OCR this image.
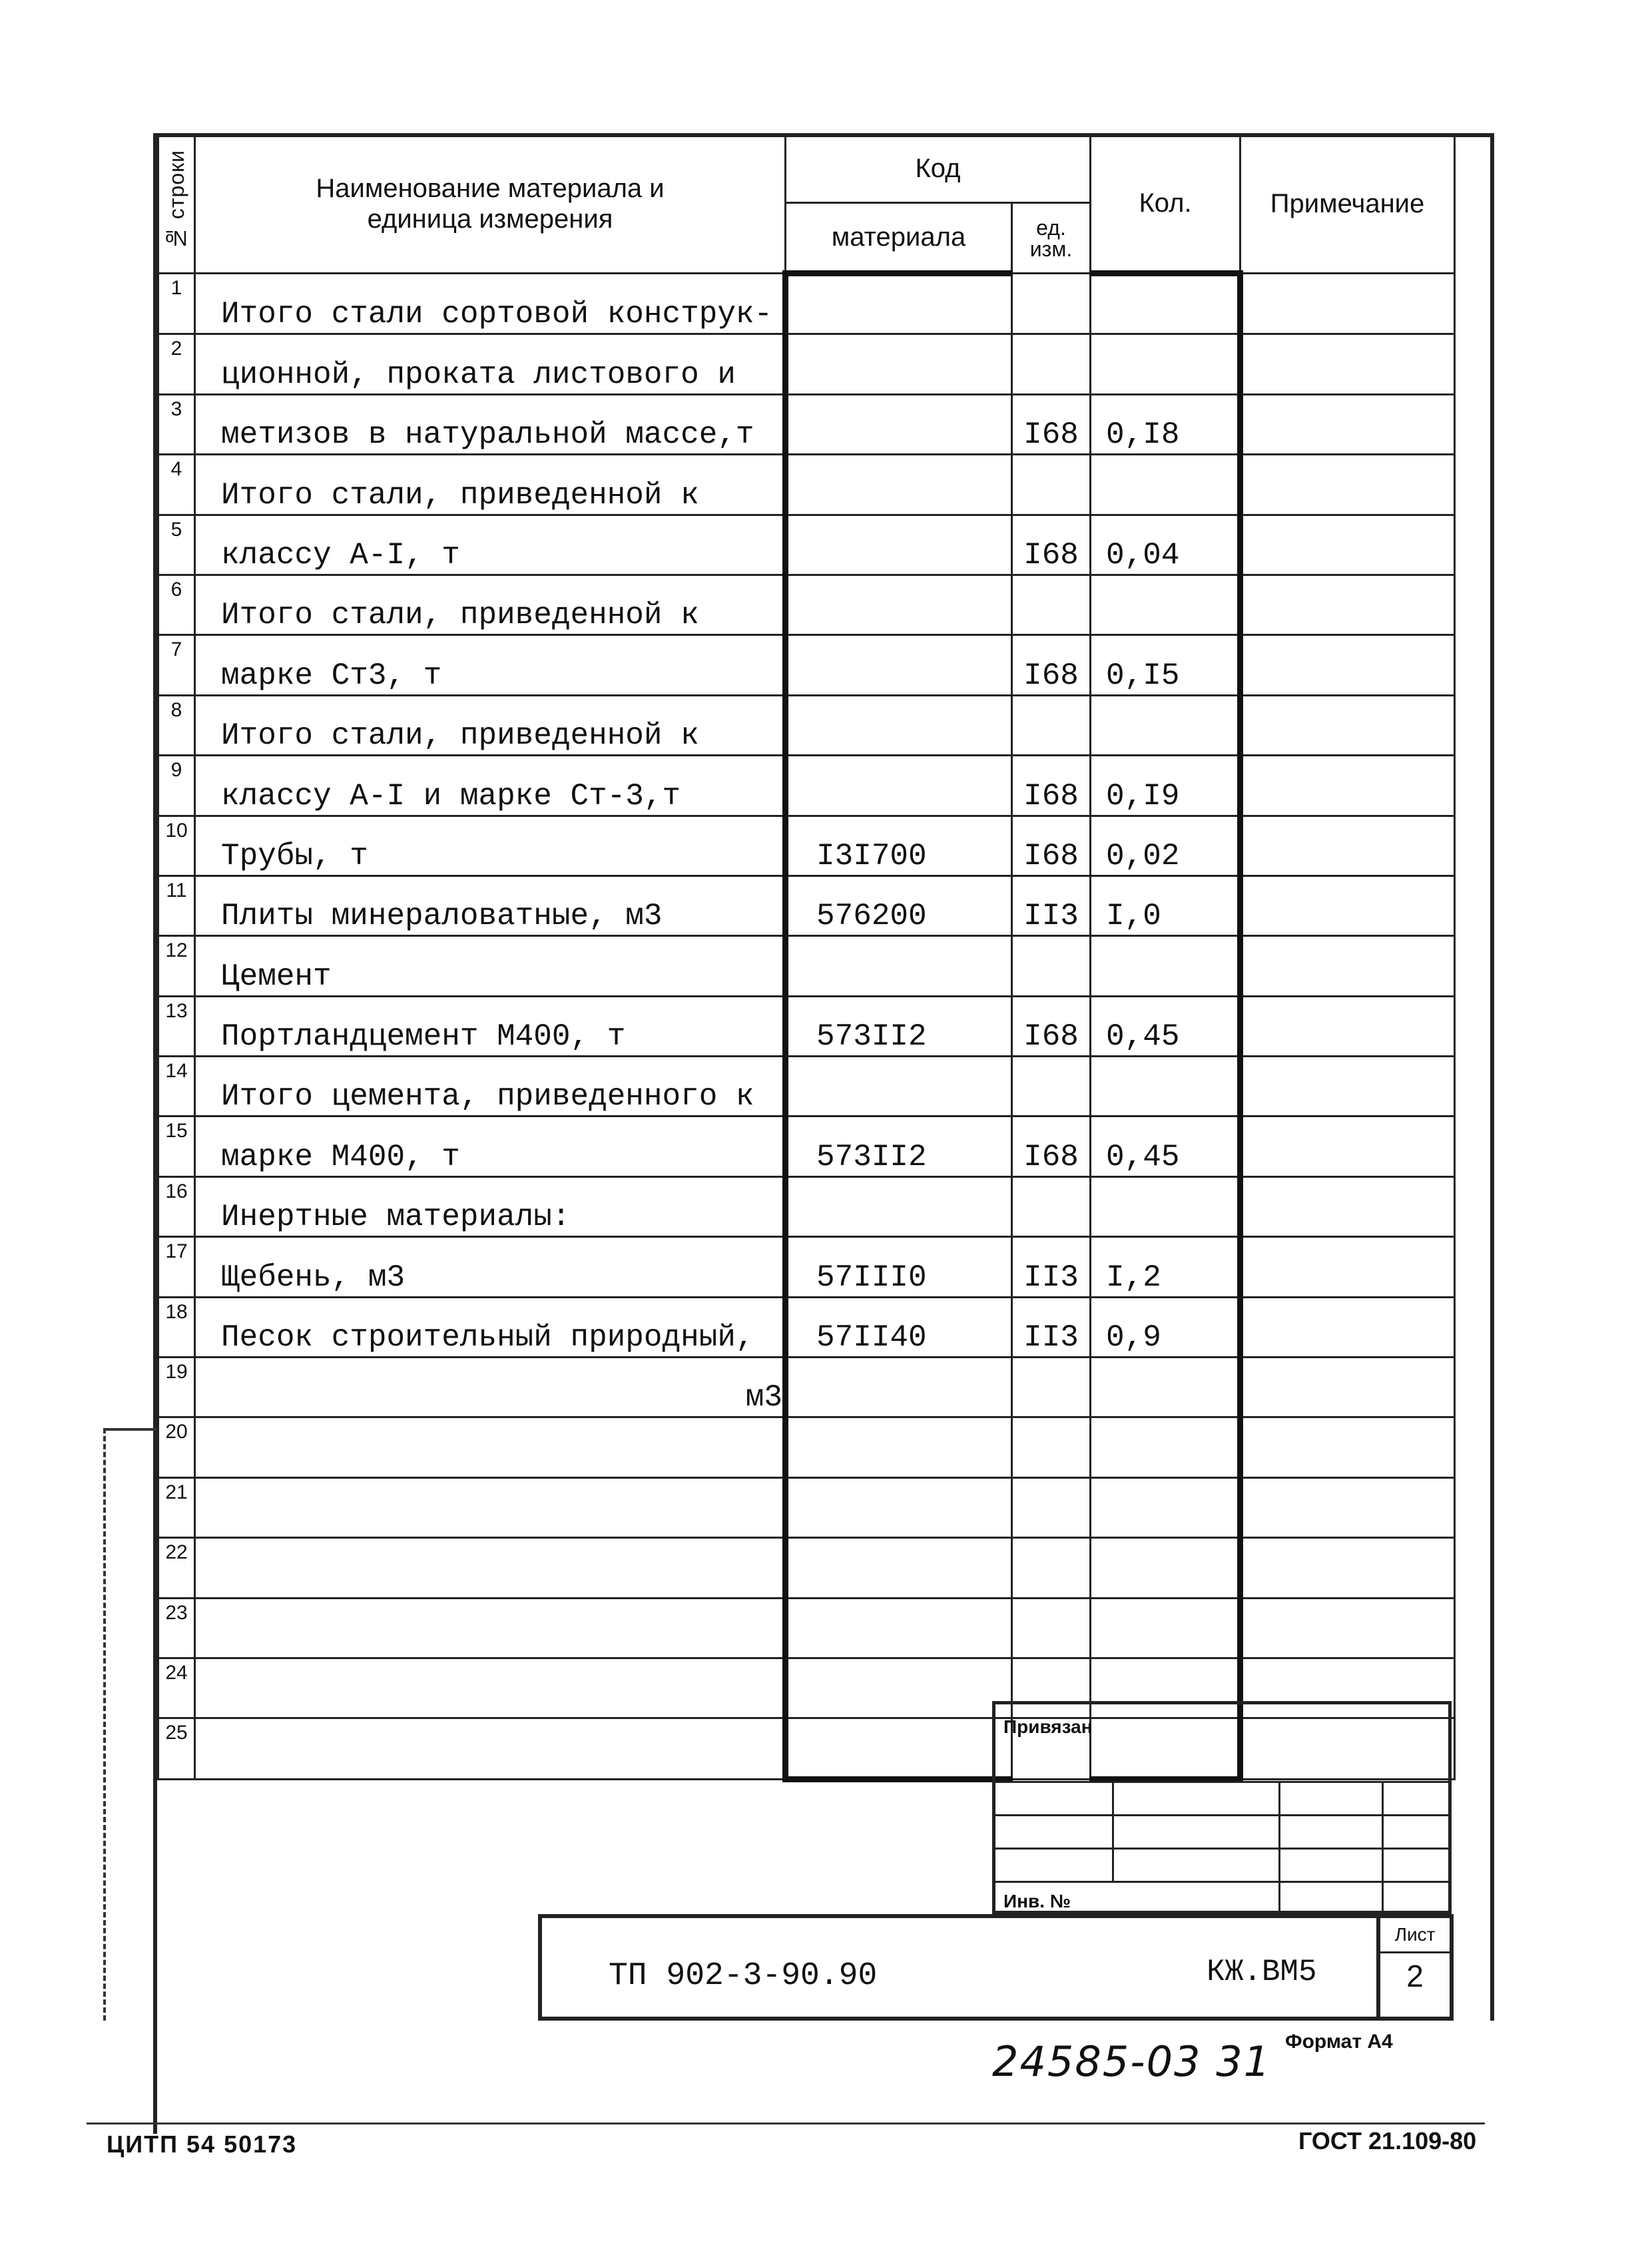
№ строки	Наименование материала и единица измерения	Код		Кол.	Примечание
		материала	ед. изм.		
1	Итого стали сортовой конструк-				
2	ционной, проката листового и				
3	метизов в натуральной массе,т		I68	0,I8	
4	Итого стали, приведенной к				
5	классу А-I, т		I68	0,04	
6	Итого стали, приведенной к				
7	марке Ст3, т		I68	0,I5	
8	Итого стали, приведенной к				
9	классу А-I и марке Ст-3,т		I68	0,I9	
10	Трубы, т	I3I700	I68	0,02	
11	Плиты минераловатные, м3	576200	II3	I,0	
12	Цемент				
13	Портландцемент М400, т	573II2	I68	0,45	
14	Итого цемента, приведенного к				
15	марке М400, т	573II2	I68	0,45	
16	Инертные материалы:				
17	Щебень, м3	57III0	II3	I,2	
18	Песок строительный природный,	57II40	II3	0,9	
19	м3				
20					
21					
22					
23					
24					
25						Привязан
Инв. №
ТП 902-3-90.90	КЖ.ВМ5
Лист
2
24585-03 31 Формат А4
ЦИТП 54 50173	ГОСТ 21.109-80
